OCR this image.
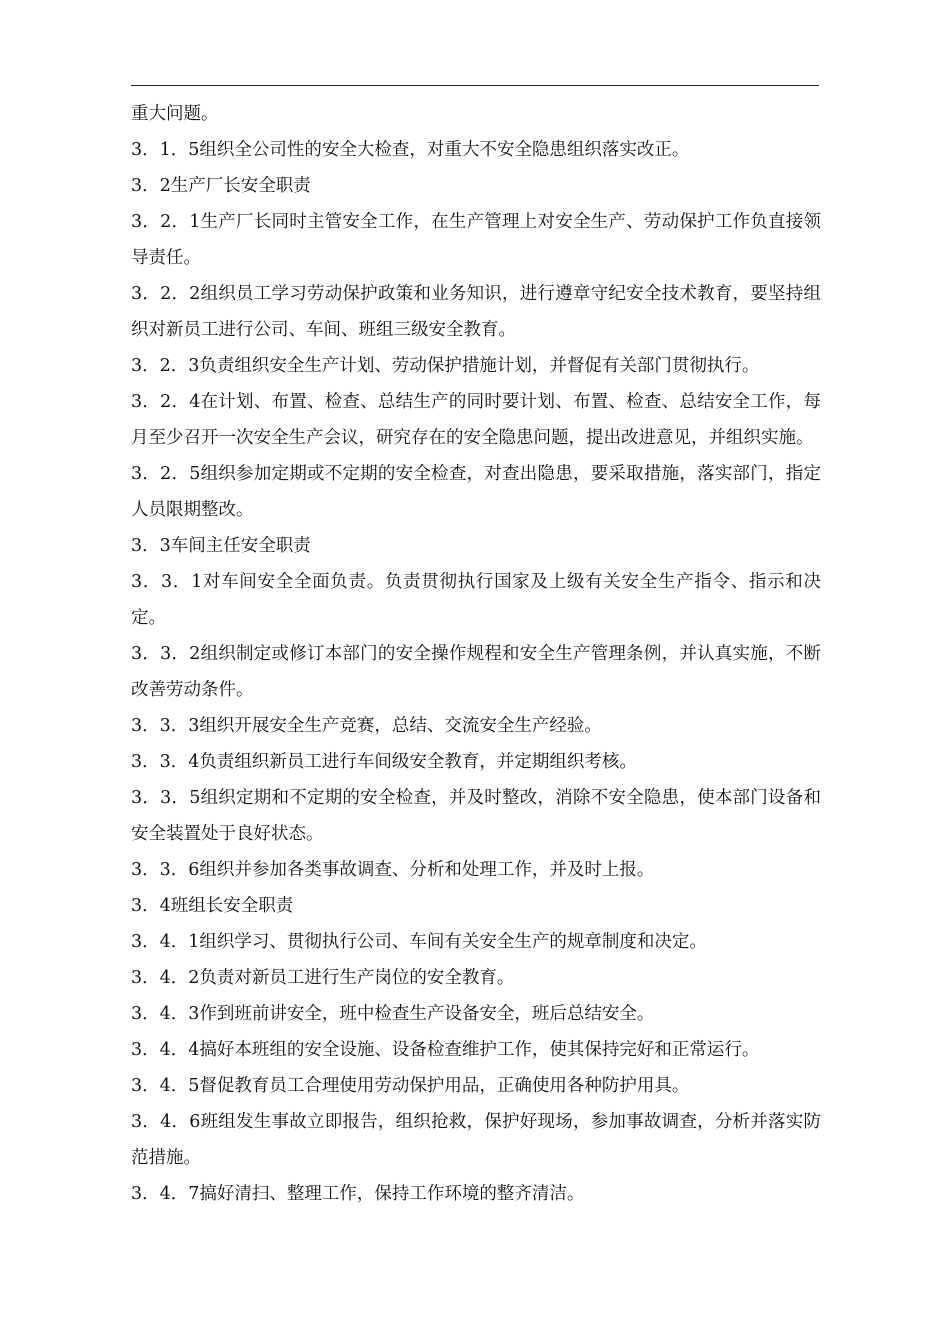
重大问题。

3．1．5组织全公司性的安全大检查，对重大不安全隐患组织落实改正。

3．2生产厂长安全职责

3．2．1生产厂长同时主管安全工作，在生产管理上对安全生产、劳动保护工作负直接领导责任。

3．2．2组织员工学习劳动保护政策和业务知识，进行遵章守纪安全技术教育，要坚持组织对新员工进行公司、车间、班组三级安全教育。

3．2．3负责组织安全生产计划、劳动保护措施计划，并督促有关部门贯彻执行。

3．2．4在计划、布置、检查、总结生产的同时要计划、布置、检查、总结安全工作，每月至少召开一次安全生产会议，研究存在的安全隐患问题，提出改进意见，并组织实施。

3．2．5组织参加定期或不定期的安全检查，对查出隐患，要采取措施，落实部门，指定人员限期整改。

3．3车间主任安全职责

3．3．1对车间安全全面负责。负责贯彻执行国家及上级有关安全生产指令、指示和决定。

3．3．2组织制定或修订本部门的安全操作规程和安全生产管理条例，并认真实施，不断改善劳动条件。

3．3．3组织开展安全生产竞赛，总结、交流安全生产经验。

3．3．4负责组织新员工进行车间级安全教育，并定期组织考核。

3．3．5组织定期和不定期的安全检查，并及时整改，消除不安全隐患，使本部门设备和安全装置处于良好状态。

3．3．6组织并参加各类事故调查、分析和处理工作，并及时上报。

3．4班组长安全职责

3．4．1组织学习、贯彻执行公司、车间有关安全生产的规章制度和决定。

3．4．2负责对新员工进行生产岗位的安全教育。

3．4．3作到班前讲安全，班中检查生产设备安全，班后总结安全。

3．4．4搞好本班组的安全设施、设备检查维护工作，使其保持完好和正常运行。

3．4．5督促教育员工合理使用劳动保护用品，正确使用各种防护用具。

3．4．6班组发生事故立即报告，组织抢救，保护好现场，参加事故调查，分析并落实防范措施。

3．4．7搞好清扫、整理工作，保持工作环境的整齐清洁。
